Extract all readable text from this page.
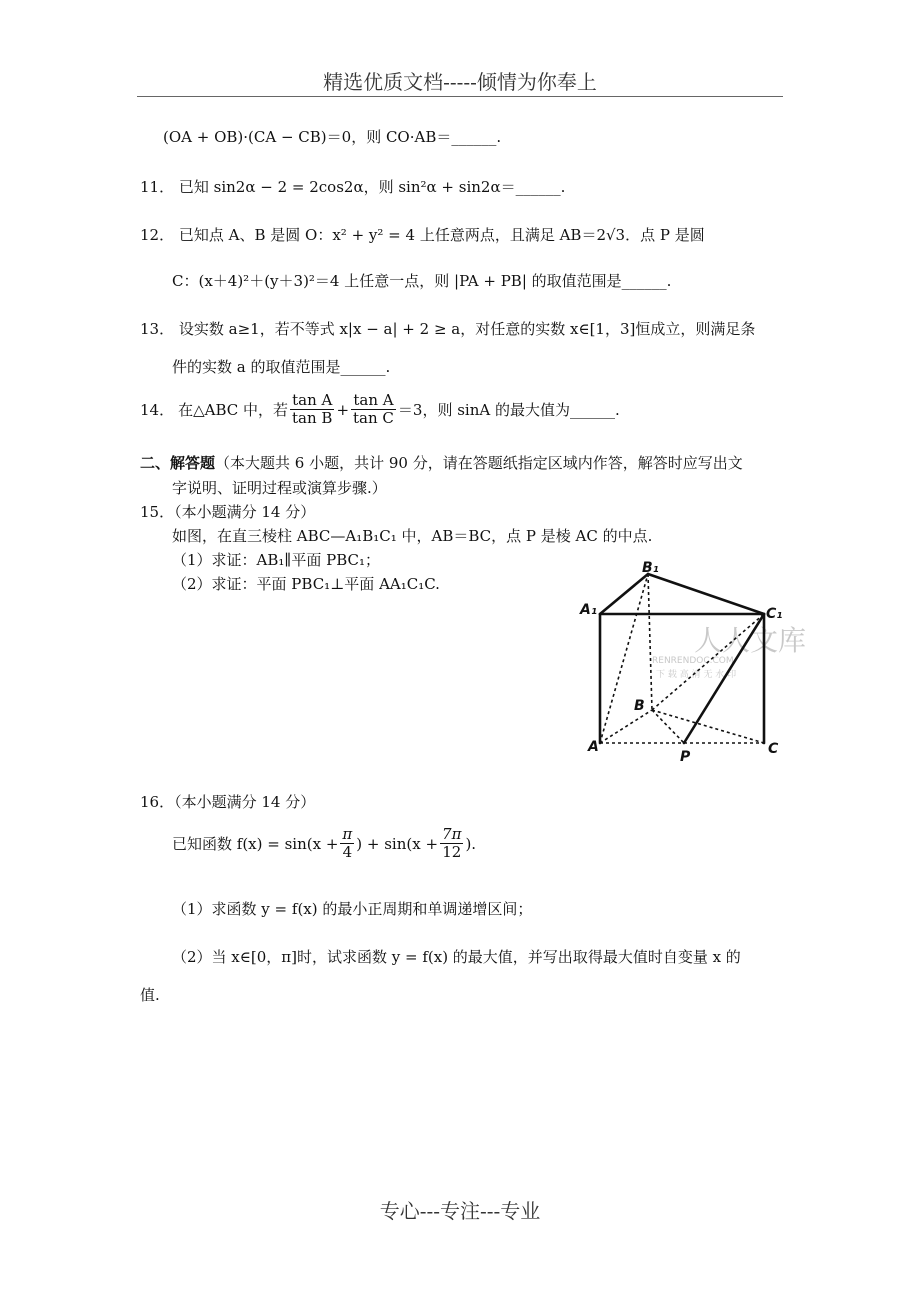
精选优质文档-----倾情为你奉上
(OA + OB)·(CA − CB)＝0，则 CO·AB＝______.
11． 已知 sin2α − 2 = 2cos2α，则 sin²α + sin2α＝______.
12． 已知点 A、B 是圆 O：x² + y² = 4 上任意两点，且满足 AB＝2√3．点 P 是圆
C：(x＋4)²＋(y＋3)²＝4 上任意一点，则 |PA + PB| 的取值范围是______.
13． 设实数 a≥1，若不等式 x|x − a| + 2 ≥ a，对任意的实数 x∈[1，3]恒成立，则满足条
件的实数 a 的取值范围是______.
14． 在△ABC 中，若 $\frac{\text{tan A}}{\text{tan B}} + \frac{\text{tan A}}{\text{tan C}} =3$，则 sinA 的最大值为______.
二、解答题（本大题共 6 小题，共计 90 分，请在答题纸指定区域内作答，解答时应写出文
字说明、证明过程或演算步骤.）
15．（本小题满分 14 分）
如图，在直三棱柱 ABC—A₁B₁C₁ 中，AB＝BC，点 P 是棱 AC 的中点.
（1）求证：AB₁∥平面 PBC₁；
（2）求证：平面 PBC₁⊥平面 AA₁C₁C.
人人文库
RENRENDOC.COM
下 载 高 清 无 水 印
A₁
B₁
C₁
B
A
P	C
16．（本小题满分 14 分）
已知函数 $f(x) = \sin(x + \frac{\pi}{4}$ ) + $\sin(x + \frac{7\pi}{12}$ ).
（1）求函数 y = f(x) 的最小正周期和单调递增区间；
（2）当 x∈[0，π]时，试求函数 y = f(x) 的最大值，并写出取得最大值时自变量 x 的
值.
专心---专注---专业
